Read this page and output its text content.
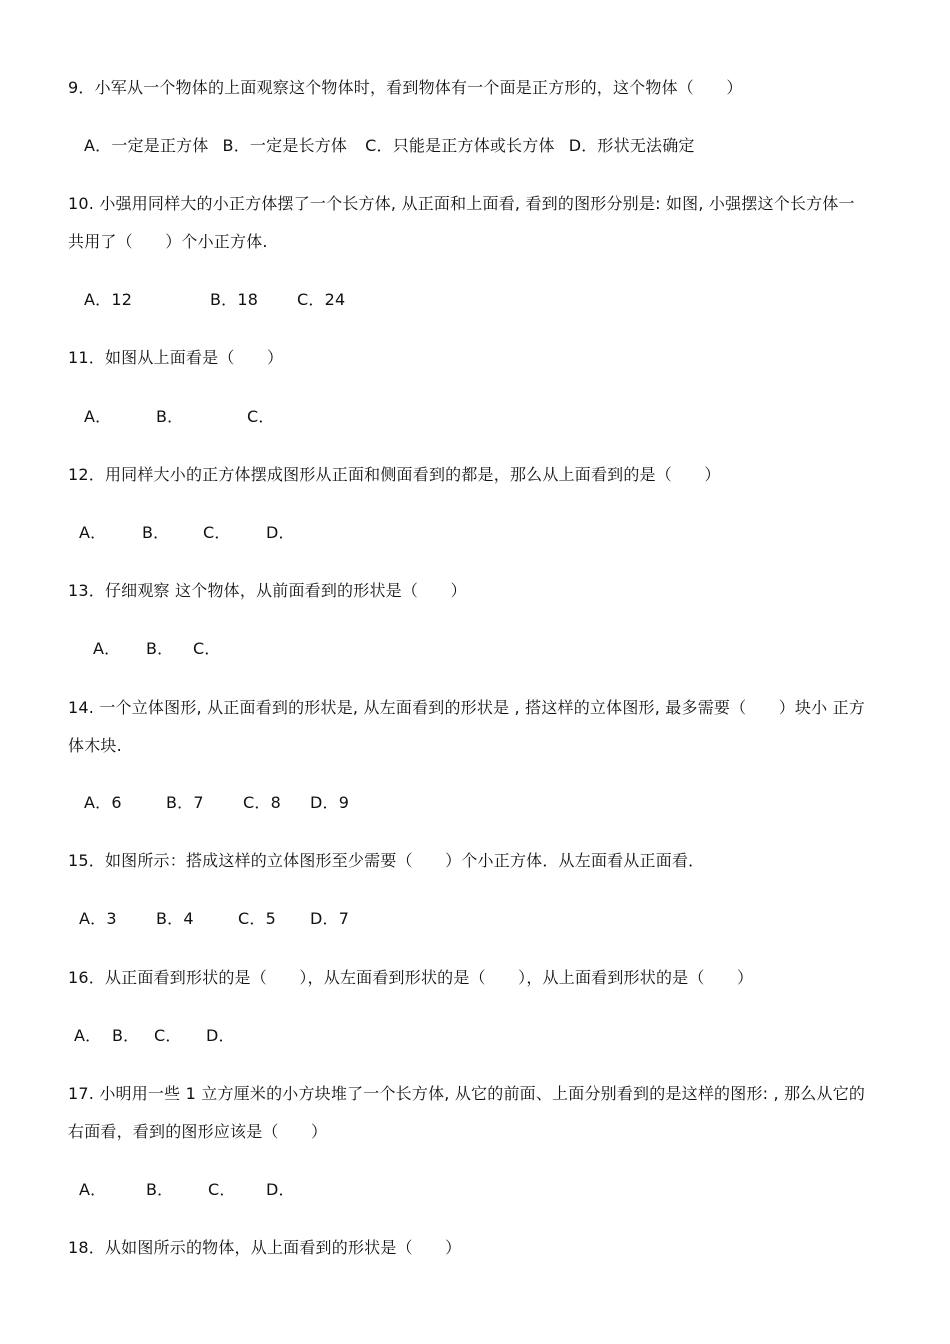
9．小军从一个物体的上面观察这个物体时，看到物体有一个面是正方形的，这个物体（　　）
A．一定是正方体 B．一定是长方体 C．只能是正方体或长方体 D．形状无法确定
10. 小强用同样大的小正方体摆了一个长方体, 从正面和上面看, 看到的图形分别是: 如图, 小强摆这个长方体一
共用了（　　）个小正方体.
A．12	B．18 C．24
11．如图从上面看是（　　）
A．	B．	C．
12．用同样大小的正方体摆成图形从正面和侧面看到的都是，那么从上面看到的是（　　）
A． B． C． D．
13．仔细观察 这个物体，从前面看到的形状是（　　）
A． B． C．
14. 一个立体图形, 从正面看到的形状是, 从左面看到的形状是 , 搭这样的立体图形, 最多需要（　　）块小 正方
体木块.
A．6	B．7 C．8 D．9
15．如图所示：搭成这样的立体图形至少需要（　　）个小正方体．从左面看从正面看．
A．3 B．4	C．5 D．7
16．从正面看到形状的是（　　），从左面看到形状的是（　　），从上面看到形状的是（　　）
A． B． C． D．
17. 小明用一些 1 立方厘米的小方块堆了一个长方体, 从它的前面、上面分别看到的是这样的图形: , 那么从它的
右面看，看到的图形应该是（　　）
A． B． C． D．
18．从如图所示的物体，从上面看到的形状是（　　）
